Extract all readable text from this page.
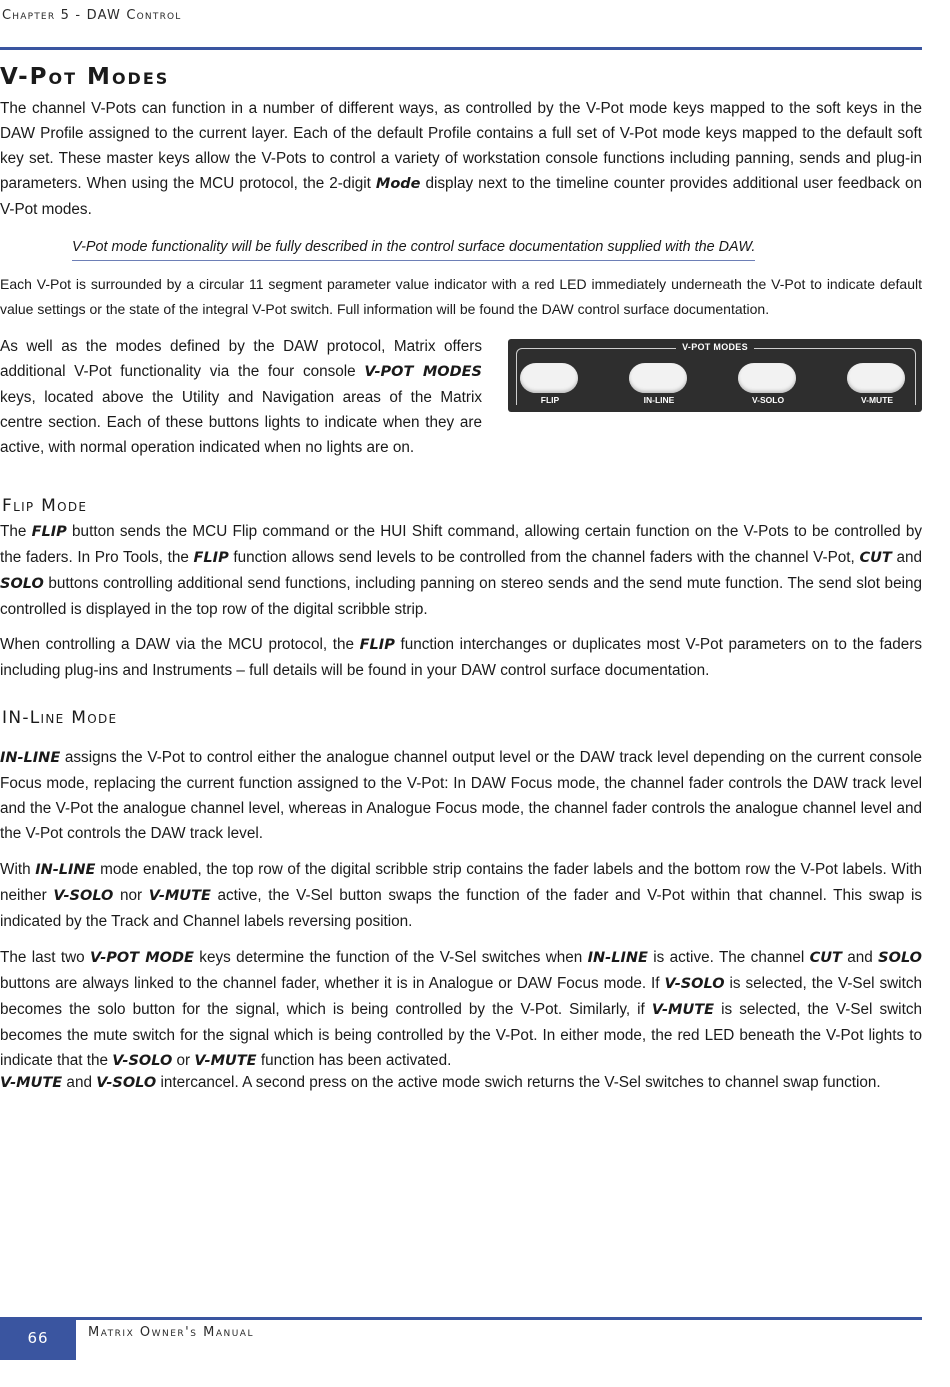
Chapter 5 - DAW Control
V-Pot Modes

The channel V-Pots can function in a number of different ways, as controlled by the V-Pot mode keys mapped to the soft keys in the DAW Profile assigned to the current layer. Each of the default Profile contains a full set of V-Pot mode keys mapped to the default soft key set. These master keys allow the V-Pots to control a variety of workstation console functions including panning, sends and plug-in parameters. When using the MCU protocol, the 2-digit Mode display next to the timeline counter provides additional user feedback on V-Pot modes.

V-Pot mode functionality will be fully described in the control surface documentation supplied with the DAW.

Each V-Pot is surrounded by a circular 11 segment parameter value indicator with a red LED immediately underneath the V-Pot to indicate default value settings or the state of the integral V-Pot switch. Full information will be found the DAW control surface documentation.

As well as the modes defined by the DAW protocol, Matrix offers additional V-Pot functionality via the four console V-POT MODES keys, located above the Utility and Navigation areas of the Matrix centre section. Each of these buttons lights to indicate when they are active, with normal operation indicated when no lights are on.

V-POT MODES
FLIP	IN-LINE	V-SOLO	V-MUTE
Flip Mode

The FLIP button sends the MCU Flip command or the HUI Shift command, allowing certain function on the V-Pots to be controlled by the faders. In Pro Tools, the FLIP function allows send levels to be controlled from the channel faders with the channel V-Pot, CUT and SOLO buttons controlling additional send functions, including panning on stereo sends and the send mute function. The send slot being controlled is displayed in the top row of the digital scribble strip.

When controlling a DAW via the MCU protocol, the FLIP function interchanges or duplicates most V-Pot parameters on to the faders including plug-ins and Instruments – full details will be found in your DAW control surface documentation.

IN-Line Mode

IN-LINE assigns the V-Pot to control either the analogue channel output level or the DAW track level depending on the current console Focus mode, replacing the current function assigned to the V-Pot: In DAW Focus mode, the channel fader controls the DAW track level and the V-Pot the analogue channel level, whereas in Analogue Focus mode, the channel fader controls the analogue channel level and the V-Pot controls the DAW track level.

With IN-LINE mode enabled, the top row of the digital scribble strip contains the fader labels and the bottom row the V-Pot labels. With neither V-SOLO nor V-MUTE active, the V-Sel button swaps the function of the fader and V-Pot within that channel. This swap is indicated by the Track and Channel labels reversing position.

The last two V-POT MODE keys determine the function of the V-Sel switches when IN-LINE is active. The channel CUT and SOLO buttons are always linked to the channel fader, whether it is in Analogue or DAW Focus mode. If V-SOLO is selected, the V-Sel switch becomes the solo button for the signal, which is being controlled by the V-Pot. Similarly, if V-MUTE is selected, the V-Sel switch becomes the mute switch for the signal which is being controlled by the V-Pot. In either mode, the red LED beneath the V-Pot lights to indicate that the V-SOLO or V-MUTE function has been activated.

V-MUTE and V-SOLO intercancel. A second press on the active mode swich returns the V-Sel switches to channel swap function.

66	Matrix Owner's Manual
